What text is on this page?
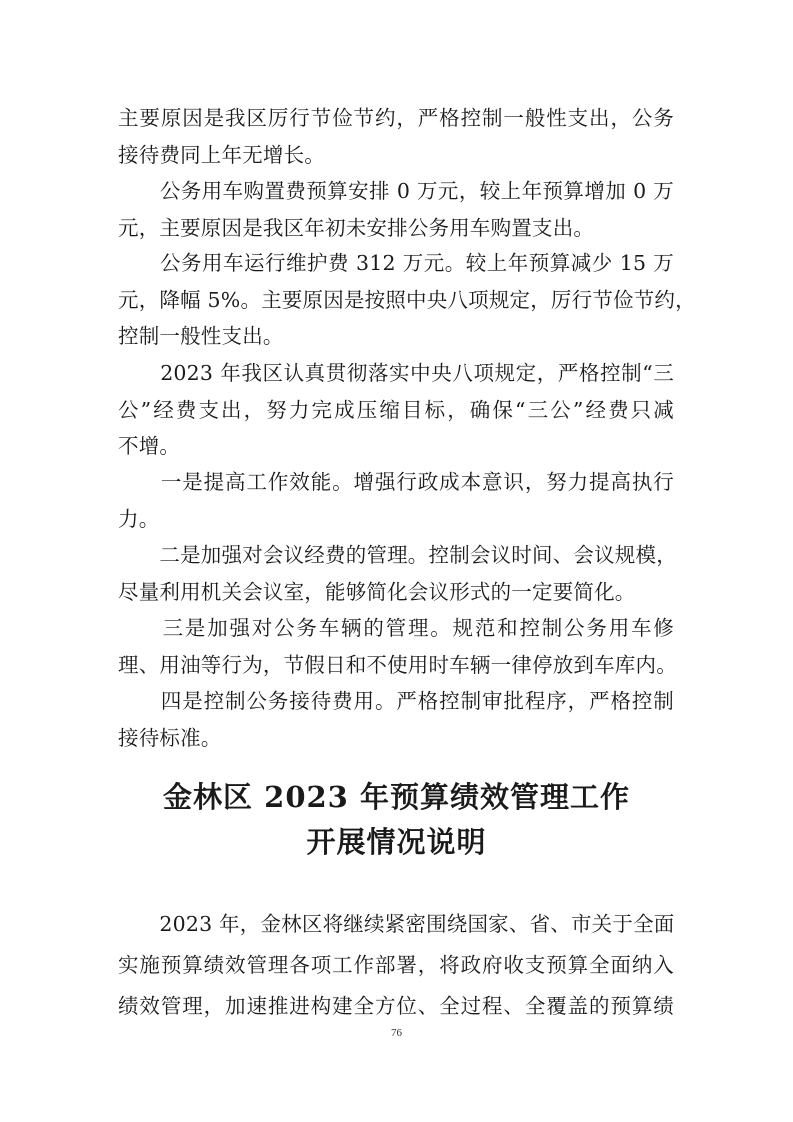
主要原因是我区厉行节俭节约，严格控制一般性支出，公务
接待费同上年无增长。
　　公务用车购置费预算安排 0 万元，较上年预算增加 0 万
元，主要原因是我区年初未安排公务用车购置支出。
　　公务用车运行维护费 312 万元。较上年预算减少 15 万
元，降幅 5%。主要原因是按照中央八项规定，厉行节俭节约，
控制一般性支出。
　　2023 年我区认真贯彻落实中央八项规定，严格控制“三
公”经费支出，努力完成压缩目标，确保“三公”经费只减
不增。
　　一是提高工作效能。增强行政成本意识，努力提高执行
力。
　　二是加强对会议经费的管理。控制会议时间、会议规模，
尽量利用机关会议室，能够简化会议形式的一定要简化。
　　三是加强对公务车辆的管理。规范和控制公务用车修
理、用油等行为，节假日和不使用时车辆一律停放到车库内。
　　四是控制公务接待费用。严格控制审批程序，严格控制
接待标准。
金林区 2023 年预算绩效管理工作
开展情况说明
　　2023 年，金林区将继续紧密围绕国家、省、市关于全面
实施预算绩效管理各项工作部署，将政府收支预算全面纳入
绩效管理，加速推进构建全方位、全过程、全覆盖的预算绩
76
